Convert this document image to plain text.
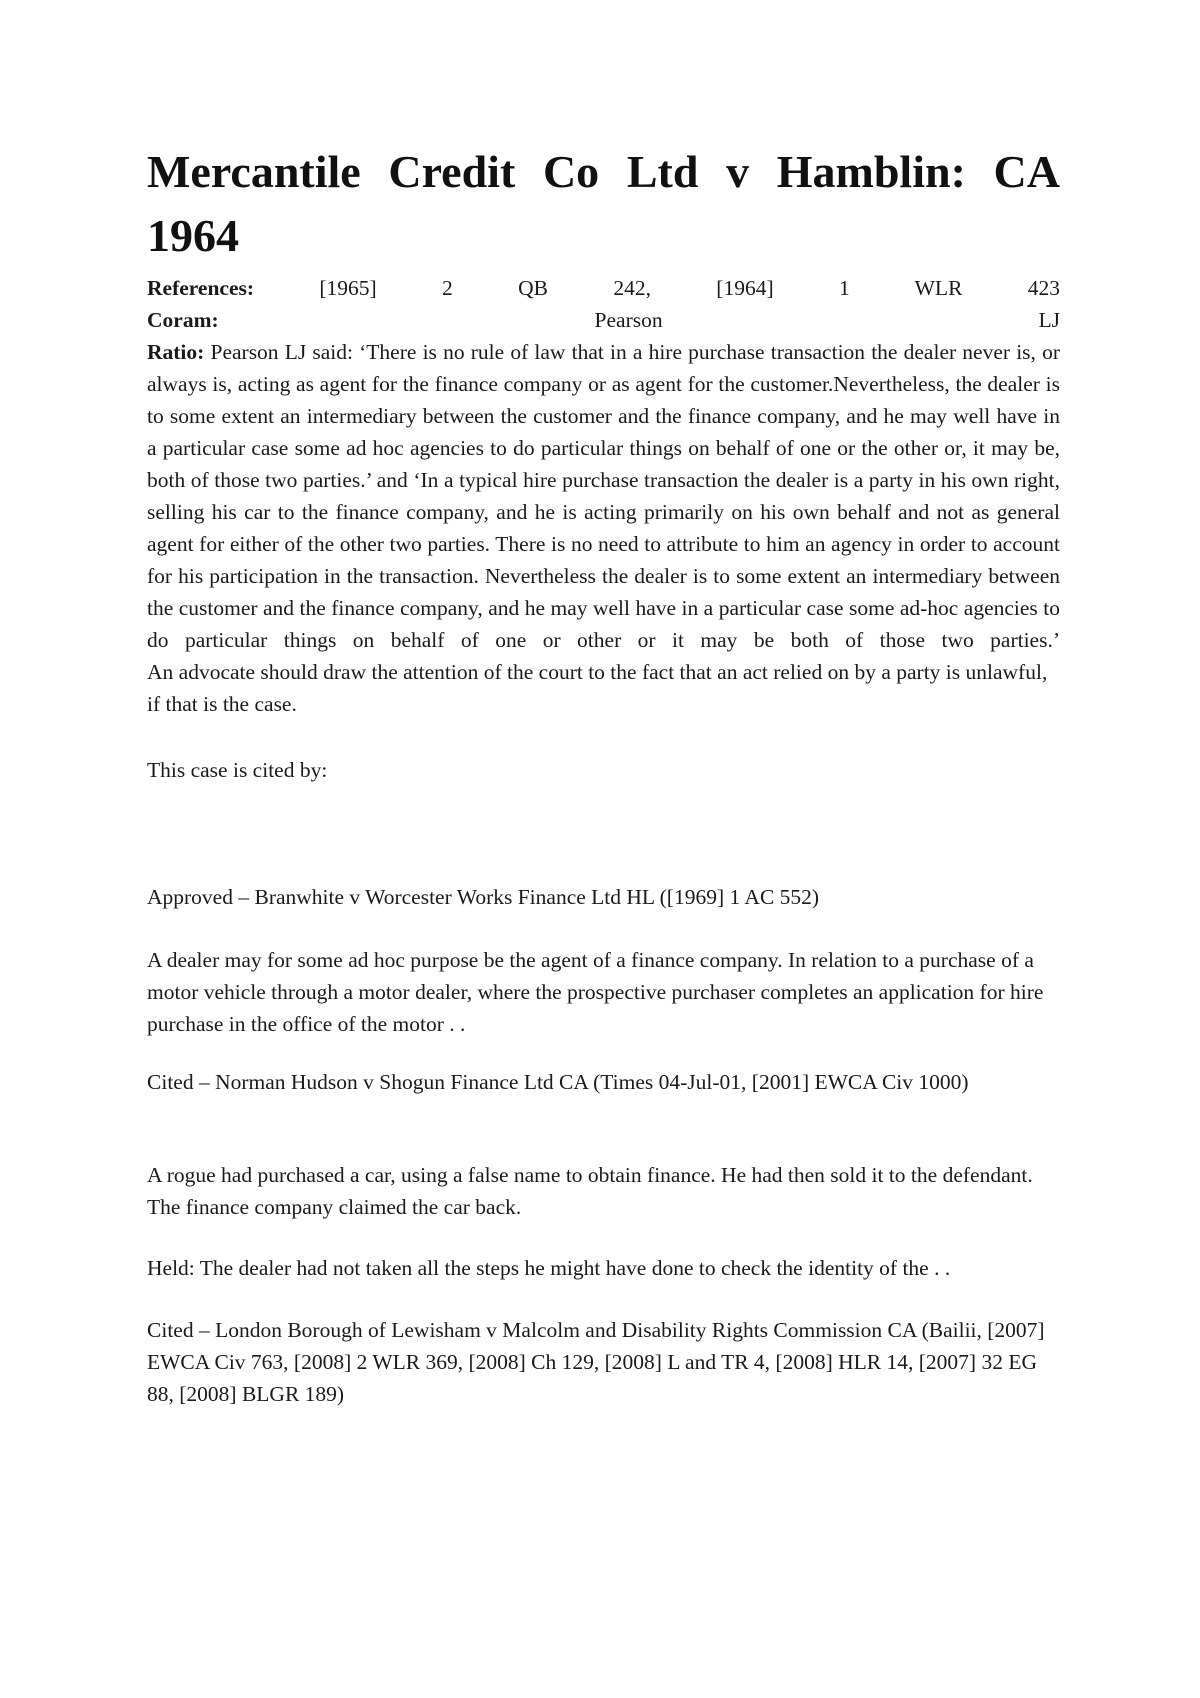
Mercantile Credit Co Ltd v Hamblin: CA 1964
References: [1965] 2 QB 242, [1964] 1 WLR 423
Coram: Pearson LJ
Ratio: Pearson LJ said: ‘There is no rule of law that in a hire purchase transaction the dealer never is, or always is, acting as agent for the finance company or as agent for the customer.Nevertheless, the dealer is to some extent an intermediary between the customer and the finance company, and he may well have in a particular case some ad hoc agencies to do particular things on behalf of one or the other or, it may be, both of those two parties.’ and ‘In a typical hire purchase transaction the dealer is a party in his own right, selling his car to the finance company, and he is acting primarily on his own behalf and not as general agent for either of the other two parties. There is no need to attribute to him an agency in order to account for his participation in the transaction. Nevertheless the dealer is to some extent an intermediary between the customer and the finance company, and he may well have in a particular case some ad-hoc agencies to do particular things on behalf of one or other or it may be both of those two parties.’
An advocate should draw the attention of the court to the fact that an act relied on by a party is unlawful, if that is the case.

This case is cited by:

Approved – Branwhite v Worcester Works Finance Ltd HL ([1969] 1 AC 552)

A dealer may for some ad hoc purpose be the agent of a finance company. In relation to a purchase of a motor vehicle through a motor dealer, where the prospective purchaser completes an application for hire purchase in the office of the motor . .

Cited – Norman Hudson v Shogun Finance Ltd CA (Times 04-Jul-01, [2001] EWCA Civ 1000)

A rogue had purchased a car, using a false name to obtain finance. He had then sold it to the defendant. The finance company claimed the car back.

Held: The dealer had not taken all the steps he might have done to check the identity of the . .

Cited – London Borough of Lewisham v Malcolm and Disability Rights Commission CA (Bailii, [2007] EWCA Civ 763, [2008] 2 WLR 369, [2008] Ch 129, [2008] L and TR 4, [2008] HLR 14, [2007] 32 EG 88, [2008] BLGR 189)
